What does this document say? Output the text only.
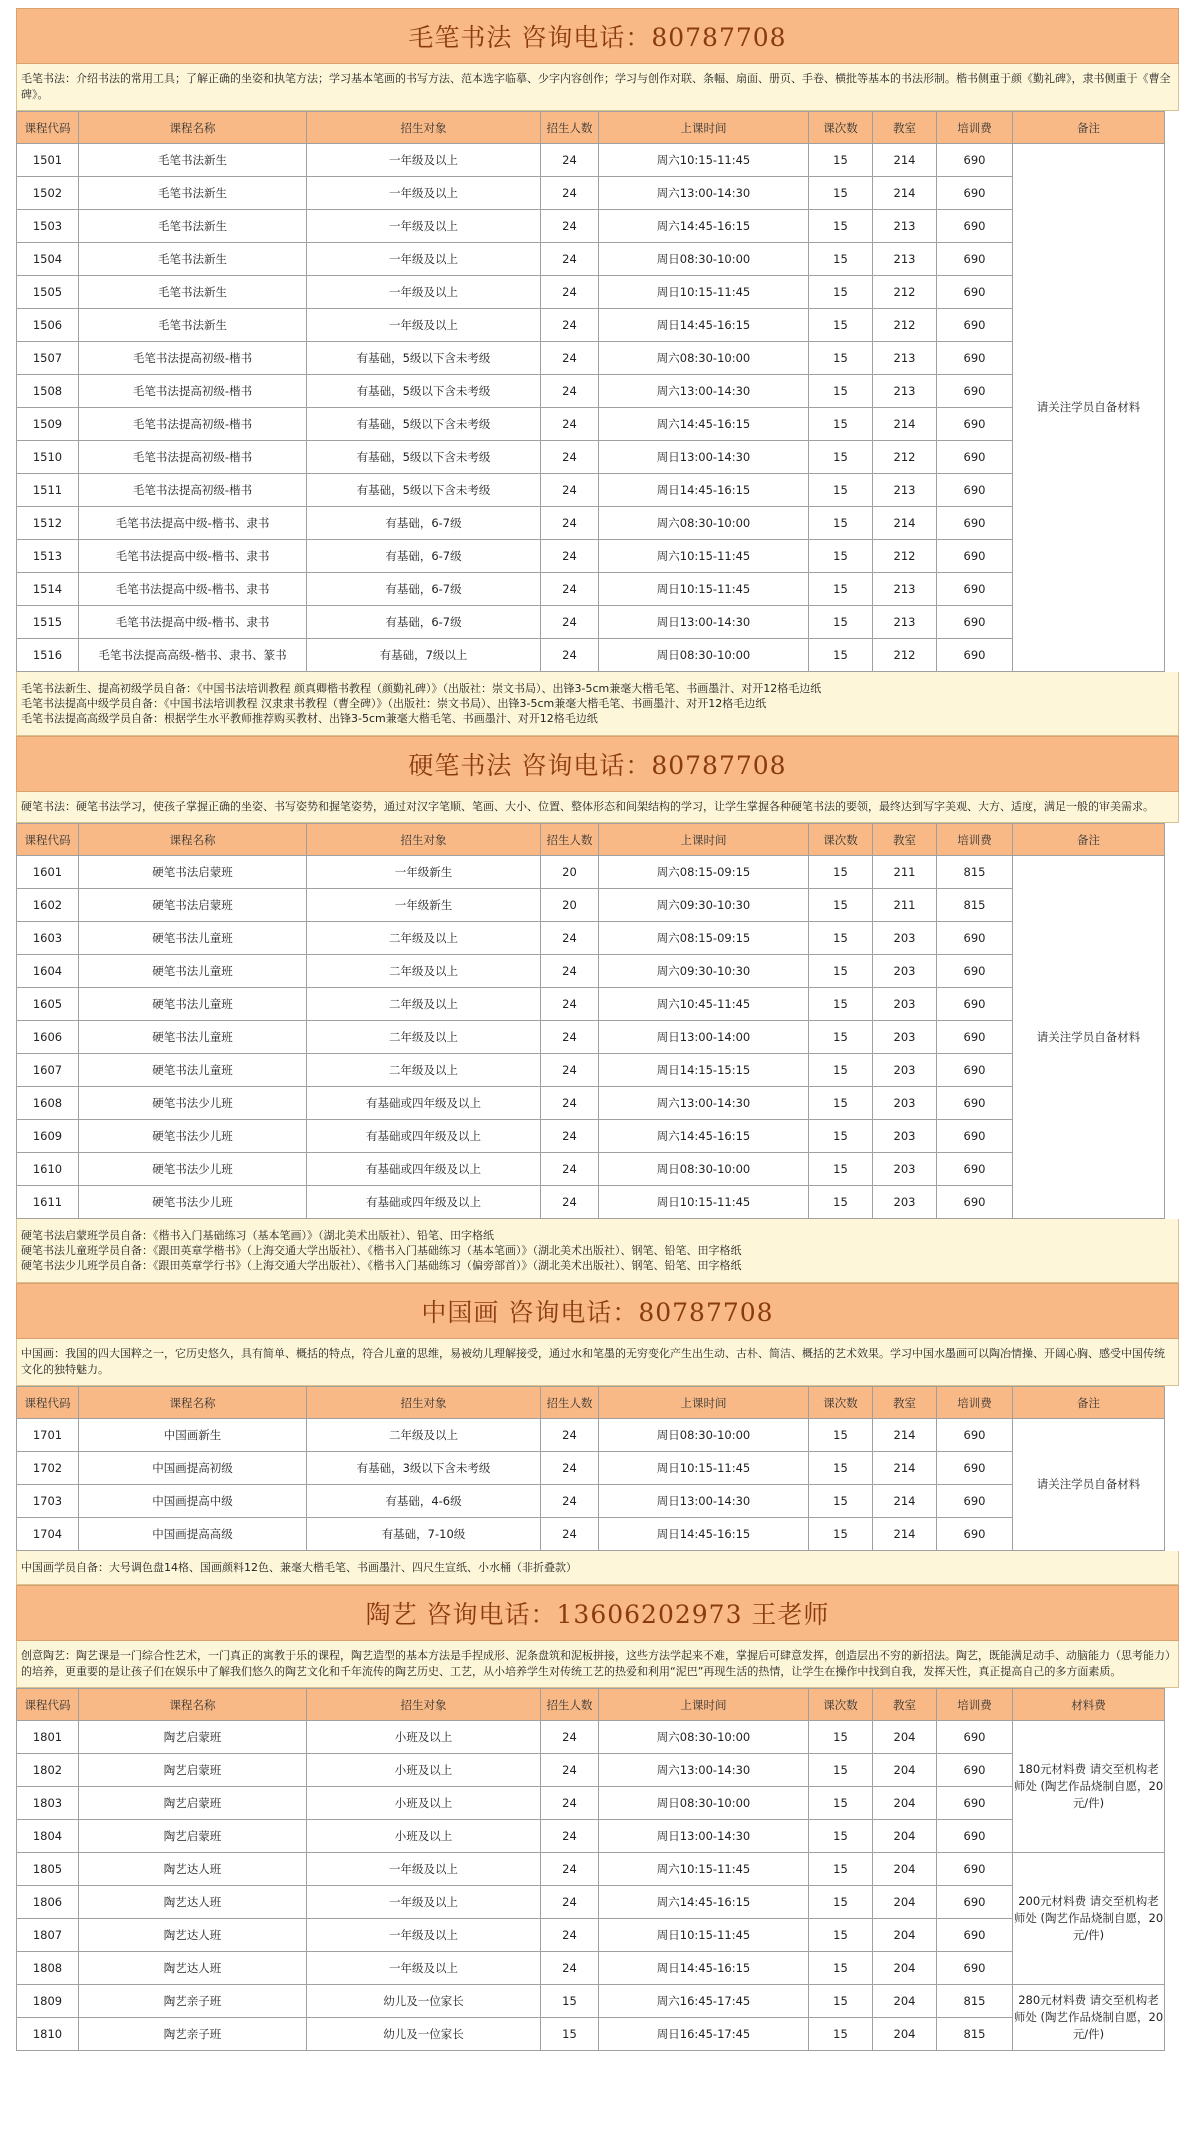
毛笔书法 咨询电话：80787708
毛笔书法：介绍书法的常用工具；了解正确的坐姿和执笔方法；学习基本笔画的书写方法、范本选字临摹、少字内容创作；学习与创作对联、条幅、扇面、册页、手卷、横批等基本的书法形制。楷书侧重于颜《勤礼碑》，隶书侧重于《曹全碑》。
课程代码	课程名称	招生对象	招生人数	上课时间	课次数	教室	培训费	备注
1501	毛笔书法新生	一年级及以上	24	周六10:15-11:45	15	214	690	请关注学员自备材料
1502	毛笔书法新生	一年级及以上	24	周六13:00-14:30	15	214	690	
1503	毛笔书法新生	一年级及以上	24	周六14:45-16:15	15	213	690	
1504	毛笔书法新生	一年级及以上	24	周日08:30-10:00	15	213	690	
1505	毛笔书法新生	一年级及以上	24	周日10:15-11:45	15	212	690	
1506	毛笔书法新生	一年级及以上	24	周日14:45-16:15	15	212	690	
1507	毛笔书法提高初级-楷书	有基础，5级以下含未考级	24	周六08:30-10:00	15	213	690	
1508	毛笔书法提高初级-楷书	有基础，5级以下含未考级	24	周六13:00-14:30	15	213	690	
1509	毛笔书法提高初级-楷书	有基础，5级以下含未考级	24	周六14:45-16:15	15	214	690	
1510	毛笔书法提高初级-楷书	有基础，5级以下含未考级	24	周日13:00-14:30	15	212	690	
1511	毛笔书法提高初级-楷书	有基础，5级以下含未考级	24	周日14:45-16:15	15	213	690	
1512	毛笔书法提高中级-楷书、隶书	有基础，6-7级	24	周六08:30-10:00	15	214	690	
1513	毛笔书法提高中级-楷书、隶书	有基础，6-7级	24	周六10:15-11:45	15	212	690	
1514	毛笔书法提高中级-楷书、隶书	有基础，6-7级	24	周日10:15-11:45	15	213	690	
1515	毛笔书法提高中级-楷书、隶书	有基础，6-7级	24	周日13:00-14:30	15	213	690	
1516	毛笔书法提高高级-楷书、隶书、篆书	有基础，7级以上	24	周日08:30-10:00	15	212	690	
毛笔书法新生、提高初级学员自备：《中国书法培训教程 颜真卿楷书教程（颜勤礼碑）》（出版社：崇文书局）、出锋3-5cm兼毫大楷毛笔、书画墨汁、对开12格毛边纸
毛笔书法提高中级学员自备：《中国书法培训教程 汉隶隶书教程（曹全碑）》（出版社：崇文书局）、出锋3-5cm兼毫大楷毛笔、书画墨汁、对开12格毛边纸
毛笔书法提高高级学员自备：根据学生水平教师推荐购买教材、出锋3-5cm兼毫大楷毛笔、书画墨汁、对开12格毛边纸
硬笔书法 咨询电话：80787708
硬笔书法：硬笔书法学习，使孩子掌握正确的坐姿、书写姿势和握笔姿势，通过对汉字笔顺、笔画、大小、位置、整体形态和间架结构的学习，让学生掌握各种硬笔书法的要领，最终达到写字美观、大方、适度，满足一般的审美需求。
课程代码	课程名称	招生对象	招生人数	上课时间	课次数	教室	培训费	备注
1601	硬笔书法启蒙班	一年级新生	20	周六08:15-09:15	15	211	815	请关注学员自备材料
1602	硬笔书法启蒙班	一年级新生	20	周六09:30-10:30	15	211	815	
1603	硬笔书法儿童班	二年级及以上	24	周六08:15-09:15	15	203	690	
1604	硬笔书法儿童班	二年级及以上	24	周六09:30-10:30	15	203	690	
1605	硬笔书法儿童班	二年级及以上	24	周六10:45-11:45	15	203	690	
1606	硬笔书法儿童班	二年级及以上	24	周日13:00-14:00	15	203	690	
1607	硬笔书法儿童班	二年级及以上	24	周日14:15-15:15	15	203	690	
1608	硬笔书法少儿班	有基础或四年级及以上	24	周六13:00-14:30	15	203	690	
1609	硬笔书法少儿班	有基础或四年级及以上	24	周六14:45-16:15	15	203	690	
1610	硬笔书法少儿班	有基础或四年级及以上	24	周日08:30-10:00	15	203	690	
1611	硬笔书法少儿班	有基础或四年级及以上	24	周日10:15-11:45	15	203	690	
硬笔书法启蒙班学员自备：《楷书入门基础练习（基本笔画）》（湖北美术出版社）、铅笔、田字格纸
硬笔书法儿童班学员自备：《跟田英章学楷书》（上海交通大学出版社）、《楷书入门基础练习（基本笔画）》（湖北美术出版社）、钢笔、铅笔、田字格纸
硬笔书法少儿班学员自备：《跟田英章学行书》（上海交通大学出版社）、《楷书入门基础练习（偏旁部首）》（湖北美术出版社）、钢笔、铅笔、田字格纸
中国画 咨询电话：80787708
中国画：我国的四大国粹之一，它历史悠久，具有简单、概括的特点，符合儿童的思维，易被幼儿理解接受，通过水和笔墨的无穷变化产生出生动、古朴、简洁、概括的艺术效果。学习中国水墨画可以陶冶情操、开阔心胸、感受中国传统文化的独特魅力。
课程代码	课程名称	招生对象	招生人数	上课时间	课次数	教室	培训费	备注
1701	中国画新生	二年级及以上	24	周日08:30-10:00	15	214	690	请关注学员自备材料
1702	中国画提高初级	有基础，3级以下含未考级	24	周日10:15-11:45	15	214	690	
1703	中国画提高中级	有基础，4-6级	24	周日13:00-14:30	15	214	690	
1704	中国画提高高级	有基础，7-10级	24	周日14:45-16:15	15	214	690	
中国画学员自备：大号调色盘14格、国画颜料12色、兼毫大楷毛笔、书画墨汁、四尺生宣纸、小水桶（非折叠款）
陶艺 咨询电话：13606202973 王老师
创意陶艺：陶艺课是一门综合性艺术，一门真正的寓教于乐的课程，陶艺造型的基本方法是手捏成形、泥条盘筑和泥板拼接，这些方法学起来不难，掌握后可肆意发挥，创造层出不穷的新招法。陶艺，既能满足动手、动脑能力（思考能力）的培养，更重要的是让孩子们在娱乐中了解我们悠久的陶艺文化和千年流传的陶艺历史、工艺，从小培养学生对传统工艺的热爱和利用“泥巴”再现生活的热情，让学生在操作中找到自我，发挥天性，真正提高自己的多方面素质。
课程代码	课程名称	招生对象	招生人数	上课时间	课次数	教室	培训费	材料费
1801	陶艺启蒙班	小班及以上	24	周六08:30-10:00	15	204	690	180元材料费 请交至机构老师处 (陶艺作品烧制自愿，20元/件)
1802	陶艺启蒙班	小班及以上	24	周六13:00-14:30	15	204	690	
1803	陶艺启蒙班	小班及以上	24	周日08:30-10:00	15	204	690	
1804	陶艺启蒙班	小班及以上	24	周日13:00-14:30	15	204	690	
1805	陶艺达人班	一年级及以上	24	周六10:15-11:45	15	204	690	200元材料费 请交至机构老师处 (陶艺作品烧制自愿，20元/件)
1806	陶艺达人班	一年级及以上	24	周六14:45-16:15	15	204	690	
1807	陶艺达人班	一年级及以上	24	周日10:15-11:45	15	204	690	
1808	陶艺达人班	一年级及以上	24	周日14:45-16:15	15	204	690	
1809	陶艺亲子班	幼儿及一位家长	15	周六16:45-17:45	15	204	815	280元材料费 请交至机构老师处 (陶艺作品烧制自愿，20元/件)
1810	陶艺亲子班	幼儿及一位家长	15	周日16:45-17:45	15	204	815	
